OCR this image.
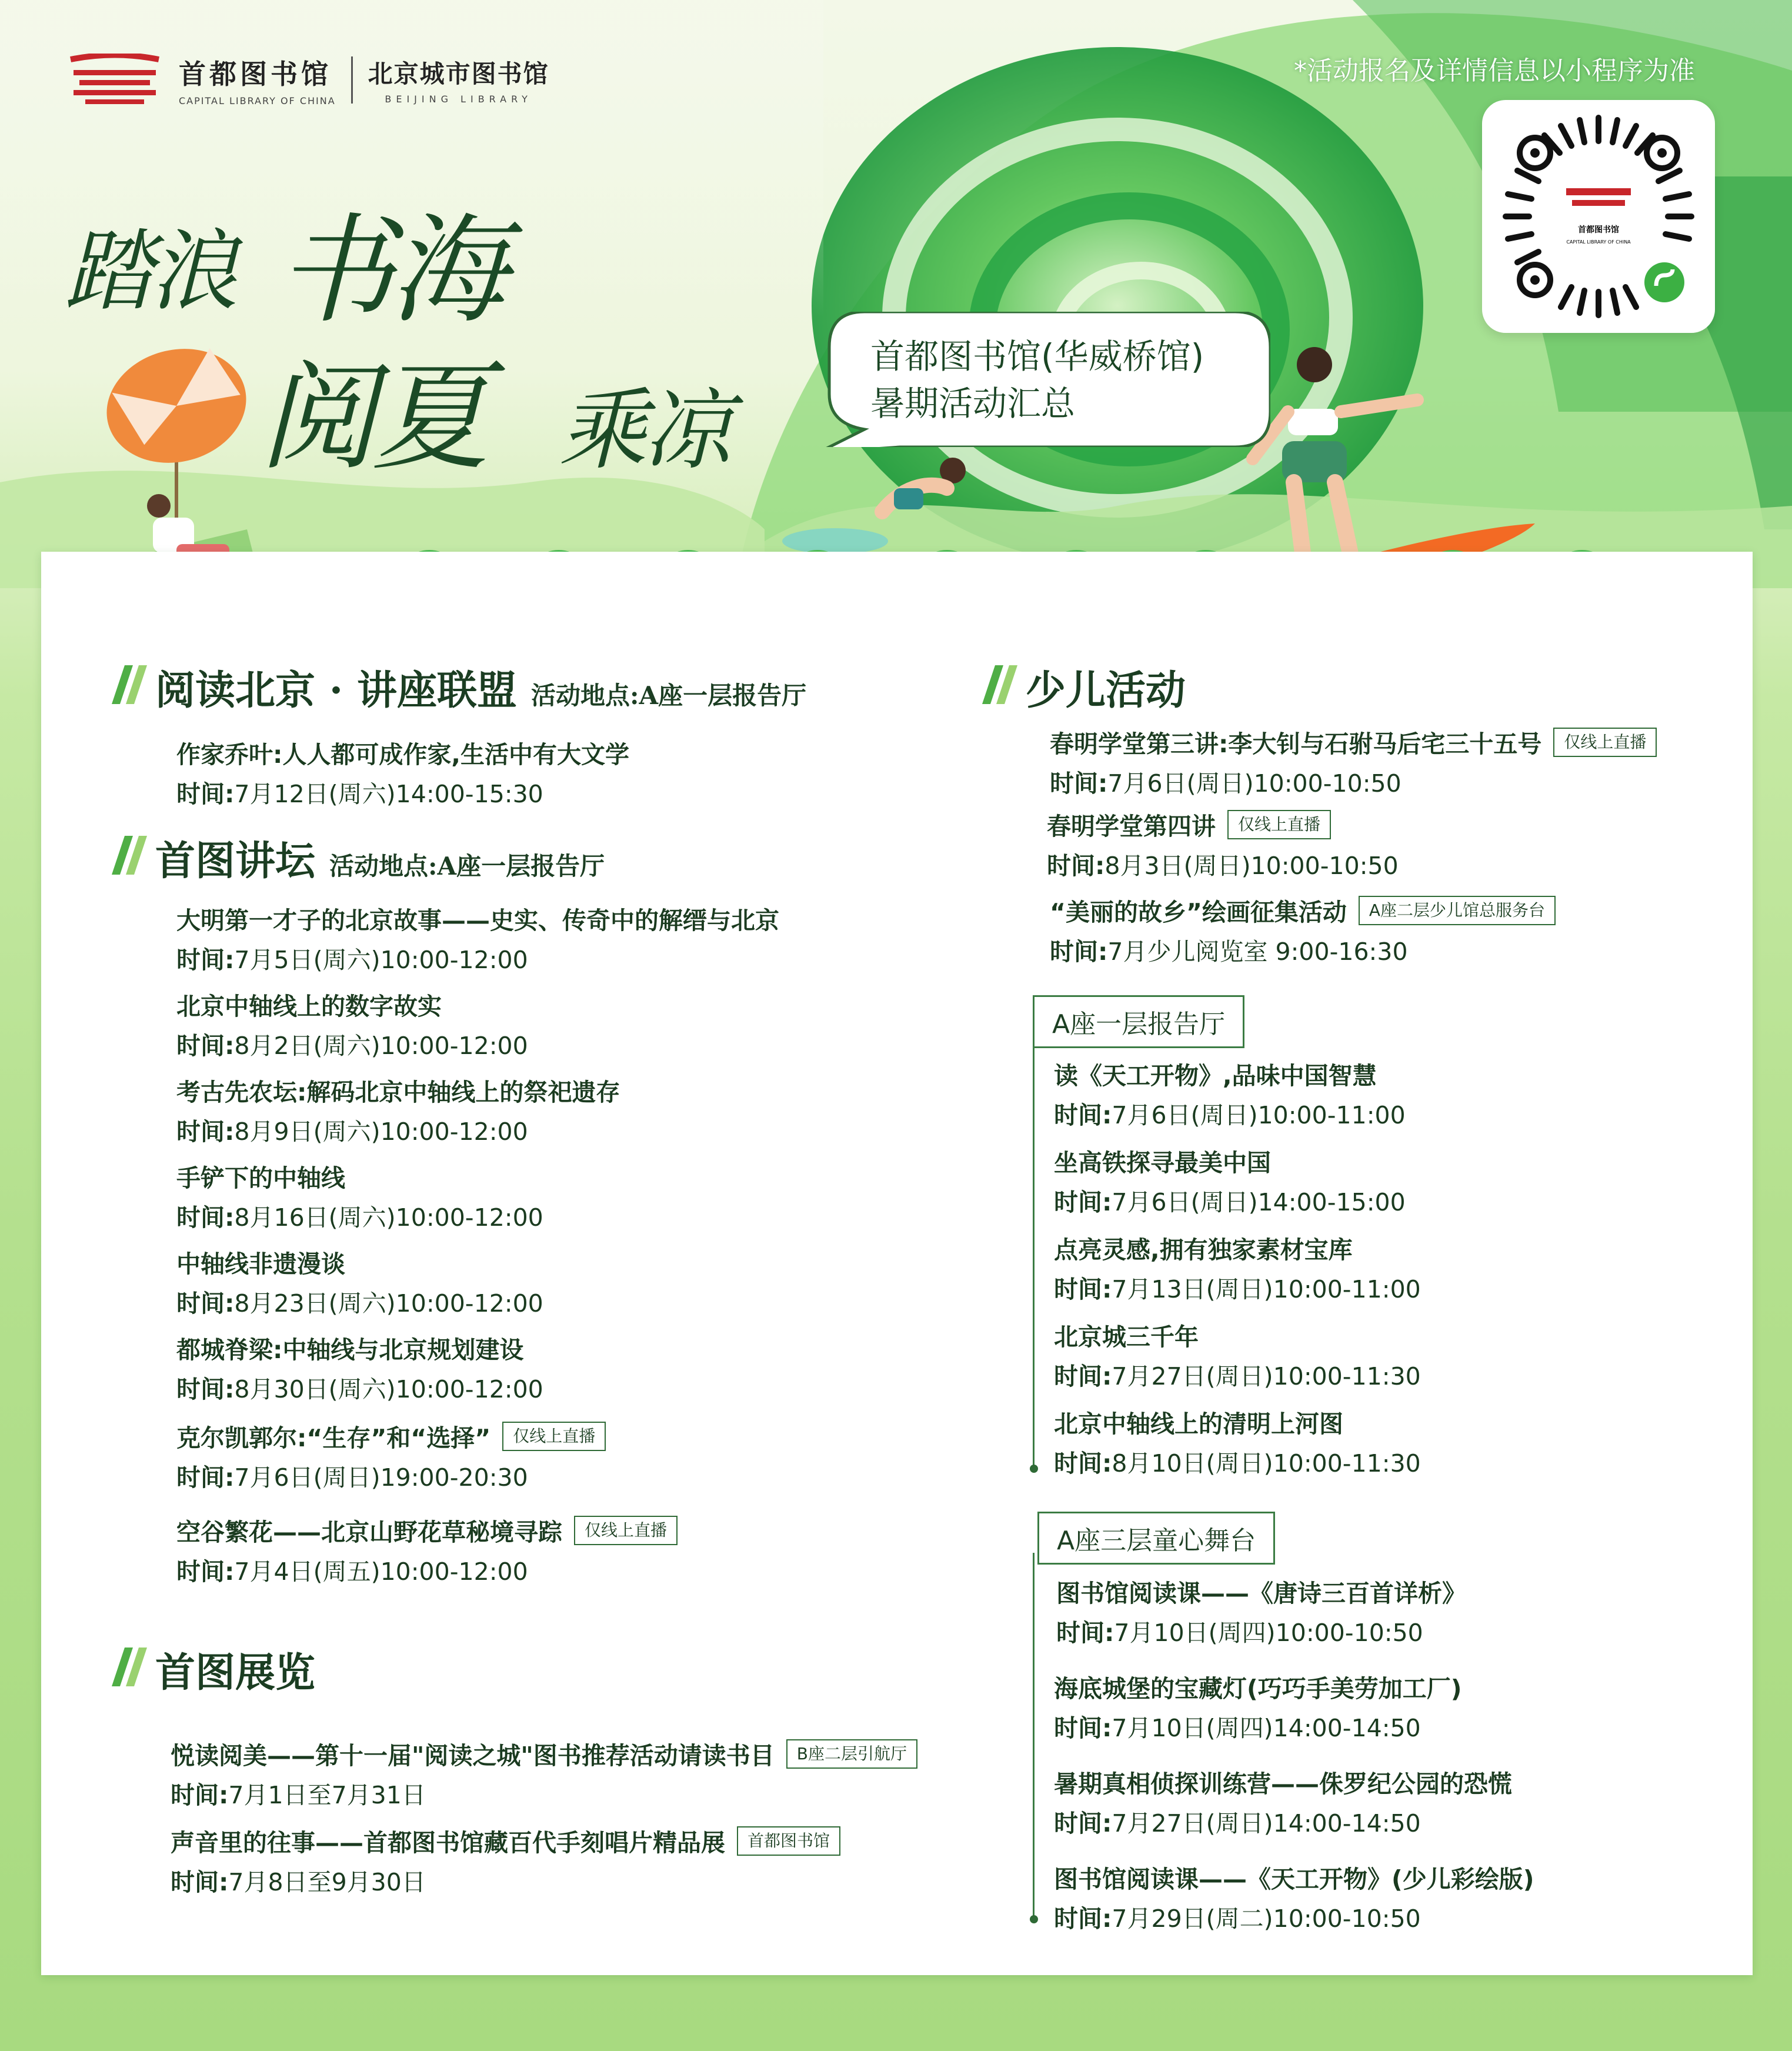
首都图书馆
CAPITAL LIBRARY OF CHINA
北京城市图书馆
BEIJING LIBRARY
*活动报名及详情信息以小程序为准
首都图书馆
CAPITAL LIBRARY OF CHINA
踏浪 书海
阅夏 乘凉
首都图书馆(华威桥馆)
暑期活动汇总
阅读北京 · 讲座联盟 活动地点:A座一层报告厅
作家乔叶:人人都可成作家,生活中有大文学
时间:7月12日(周六)14:00-15:30
首图讲坛 活动地点:A座一层报告厅
大明第一才子的北京故事——史实、传奇中的解缙与北京
时间:7月5日(周六)10:00-12:00
北京中轴线上的数字故实
时间:8月2日(周六)10:00-12:00
考古先农坛:解码北京中轴线上的祭祀遗存
时间:8月9日(周六)10:00-12:00
手铲下的中轴线
时间:8月16日(周六)10:00-12:00
中轴线非遗漫谈
时间:8月23日(周六)10:00-12:00
都城脊梁:中轴线与北京规划建设
时间:8月30日(周六)10:00-12:00
克尔凯郭尔:“生存”和“选择”	仅线上直播
时间:7月6日(周日)19:00-20:30
空谷繁花——北京山野花草秘境寻踪	仅线上直播
时间:7月4日(周五)10:00-12:00
首图展览
悦读阅美——第十一届"阅读之城"图书推荐活动请读书目	B座二层引航厅
时间:7月1日至7月31日
声音里的往事——首都图书馆藏百代手刻唱片精品展	首都图书馆
时间:7月8日至9月30日
少儿活动
春明学堂第三讲:李大钊与石驸马后宅三十五号	仅线上直播
时间:7月6日(周日)10:00-10:50
春明学堂第四讲	仅线上直播
时间:8月3日(周日)10:00-10:50
“美丽的故乡”绘画征集活动	A座二层少儿馆总服务台
时间:7月少儿阅览室 9:00-16:30
A座一层报告厅
读《天工开物》,品味中国智慧
时间:7月6日(周日)10:00-11:00
坐高铁探寻最美中国
时间:7月6日(周日)14:00-15:00
点亮灵感,拥有独家素材宝库
时间:7月13日(周日)10:00-11:00
北京城三千年
时间:7月27日(周日)10:00-11:30
北京中轴线上的清明上河图
时间:8月10日(周日)10:00-11:30
A座三层童心舞台
图书馆阅读课——《唐诗三百首详析》
时间:7月10日(周四)10:00-10:50
海底城堡的宝藏灯(巧巧手美劳加工厂)
时间:7月10日(周四)14:00-14:50
暑期真相侦探训练营——侏罗纪公园的恐慌
时间:7月27日(周日)14:00-14:50
图书馆阅读课——《天工开物》(少儿彩绘版)
时间:7月29日(周二)10:00-10:50
